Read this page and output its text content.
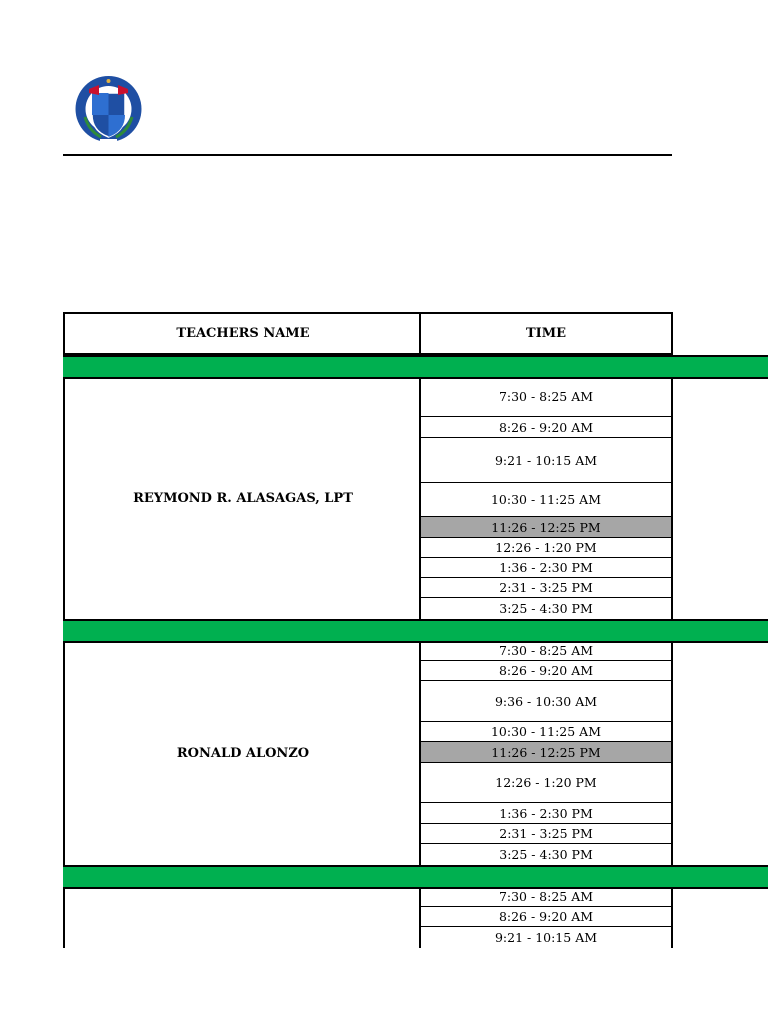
TEACHERS NAME	TIME
REYMOND R. ALASAGAS, LPT
7:30 - 8:25 AM
8:26 - 9:20 AM
9:21 - 10:15 AM
10:30 - 11:25 AM
11:26 - 12:25 PM
12:26 - 1:20 PM
1:36 - 2:30 PM
2:31 - 3:25 PM
3:25 - 4:30 PM
RONALD ALONZO
7:30 - 8:25 AM
8:26 - 9:20 AM
9:36 - 10:30 AM
10:30 - 11:25 AM
11:26 - 12:25 PM
12:26 - 1:20 PM
1:36 - 2:30 PM
2:31 - 3:25 PM
3:25 - 4:30 PM
7:30 - 8:25 AM
8:26 - 9:20 AM
9:21 - 10:15 AM
